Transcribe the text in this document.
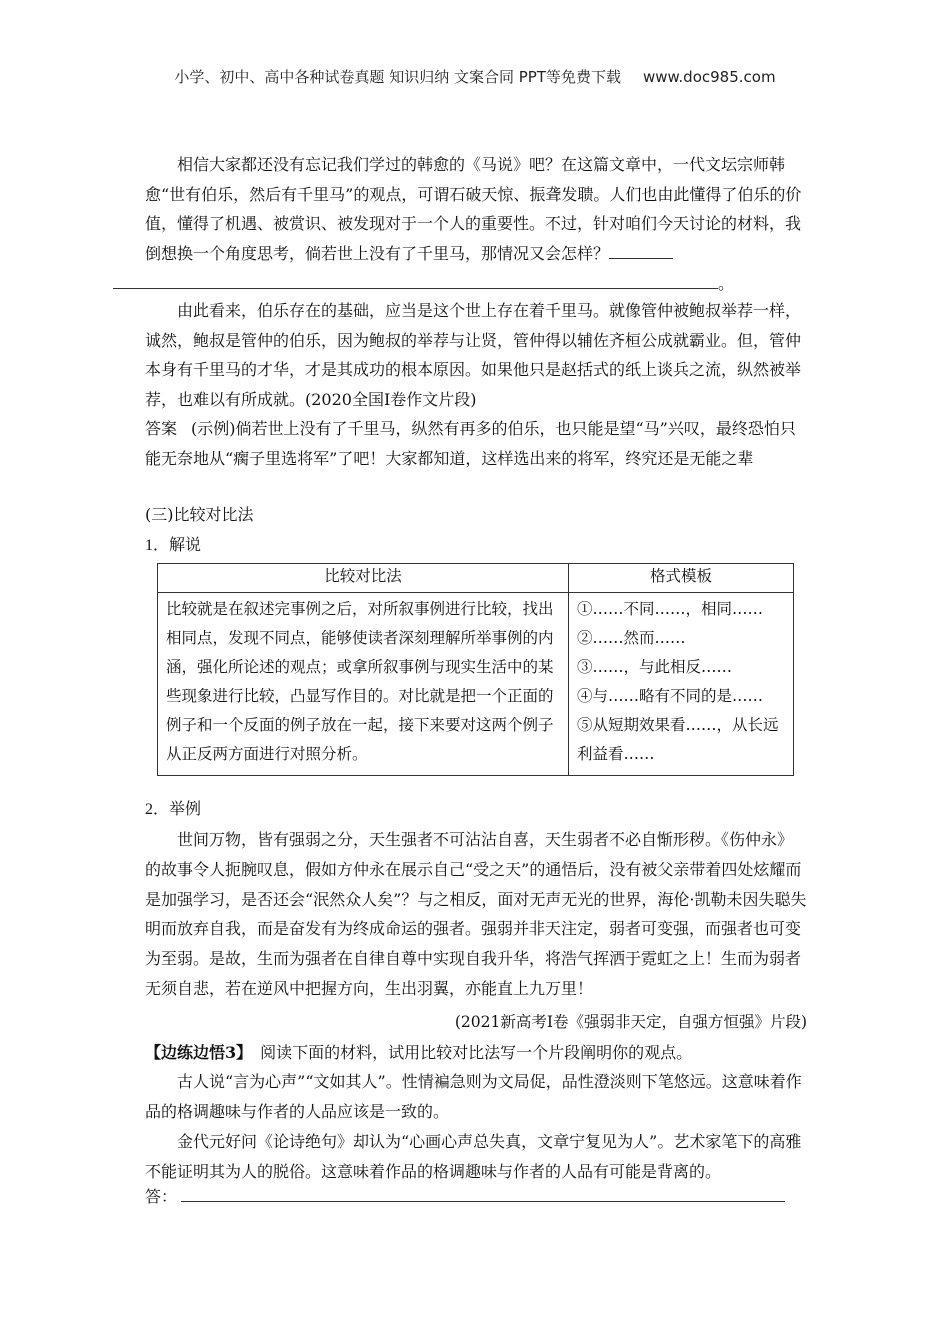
小学、初中、高中各种试卷真题 知识归纳 文案合同 PPT等免费下载 www.doc985.com
相信大家都还没有忘记我们学过的韩愈的《马说》吧？在这篇文章中，一代文坛宗师韩愈“世有伯乐，然后有千里马”的观点，可谓石破天惊、振聋发聩。人们也由此懂得了伯乐的价值，懂得了机遇、被赏识、被发现对于一个人的重要性。不过，针对咱们今天讨论的材料，我倒想换一个角度思考，倘若世上没有了千里马，那情况又会怎样？
。
由此看来，伯乐存在的基础，应当是这个世上存在着千里马。就像管仲被鲍叔举荐一样，诚然，鲍叔是管仲的伯乐，因为鲍叔的举荐与让贤，管仲得以辅佐齐桓公成就霸业。但，管仲本身有千里马的才华，才是其成功的根本原因。如果他只是赵括式的纸上谈兵之流，纵然被举荐，也难以有所成就。(2020全国Ⅰ卷作文片段)
答案 (示例)倘若世上没有了千里马，纵然有再多的伯乐，也只能是望“马”兴叹，最终恐怕只能无奈地从“瘸子里选将军”了吧！大家都知道，这样选出来的将军，终究还是无能之辈
(三)比较对比法
1．解说
比较对比法	格式模板
比较就是在叙述完事例之后，对所叙事例进行比较，找出相同点，发现不同点，能够使读者深刻理解所举事例的内涵，强化所论述的观点；或拿所叙事例与现实生活中的某些现象进行比较，凸显写作目的。对比就是把一个正面的例子和一个反面的例子放在一起，接下来要对这两个例子从正反两方面进行对照分析。	①……不同……，相同……
②……然而……
③……，与此相反……
④与……略有不同的是……
⑤从短期效果看……，从长远利益看……
2．举例
世间万物，皆有强弱之分，天生强者不可沾沾自喜，天生弱者不必自惭形秽。《伤仲永》的故事令人扼腕叹息，假如方仲永在展示自己“受之天”的通悟后，没有被父亲带着四处炫耀而是加强学习，是否还会“泯然众人矣”？与之相反，面对无声无光的世界，海伦·凯勒未因失聪失明而放弃自我，而是奋发有为终成命运的强者。强弱并非天注定，弱者可变强，而强者也可变为至弱。是故，生而为强者在自律自尊中实现自我升华，将浩气挥洒于霓虹之上！生而为弱者无须自悲，若在逆风中把握方向，生出羽翼，亦能直上九万里！
(2021新高考Ⅰ卷《强弱非天定，自强方恒强》片段)
【边练边悟3】 阅读下面的材料，试用比较对比法写一个片段阐明你的观点。
古人说“言为心声”“文如其人”。性情褊急则为文局促，品性澄淡则下笔悠远。这意味着作品的格调趣味与作者的人品应该是一致的。
金代元好问《论诗绝句》却认为“心画心声总失真，文章宁复见为人”。艺术家笔下的高雅不能证明其为人的脱俗。这意味着作品的格调趣味与作者的人品有可能是背离的。
答：
